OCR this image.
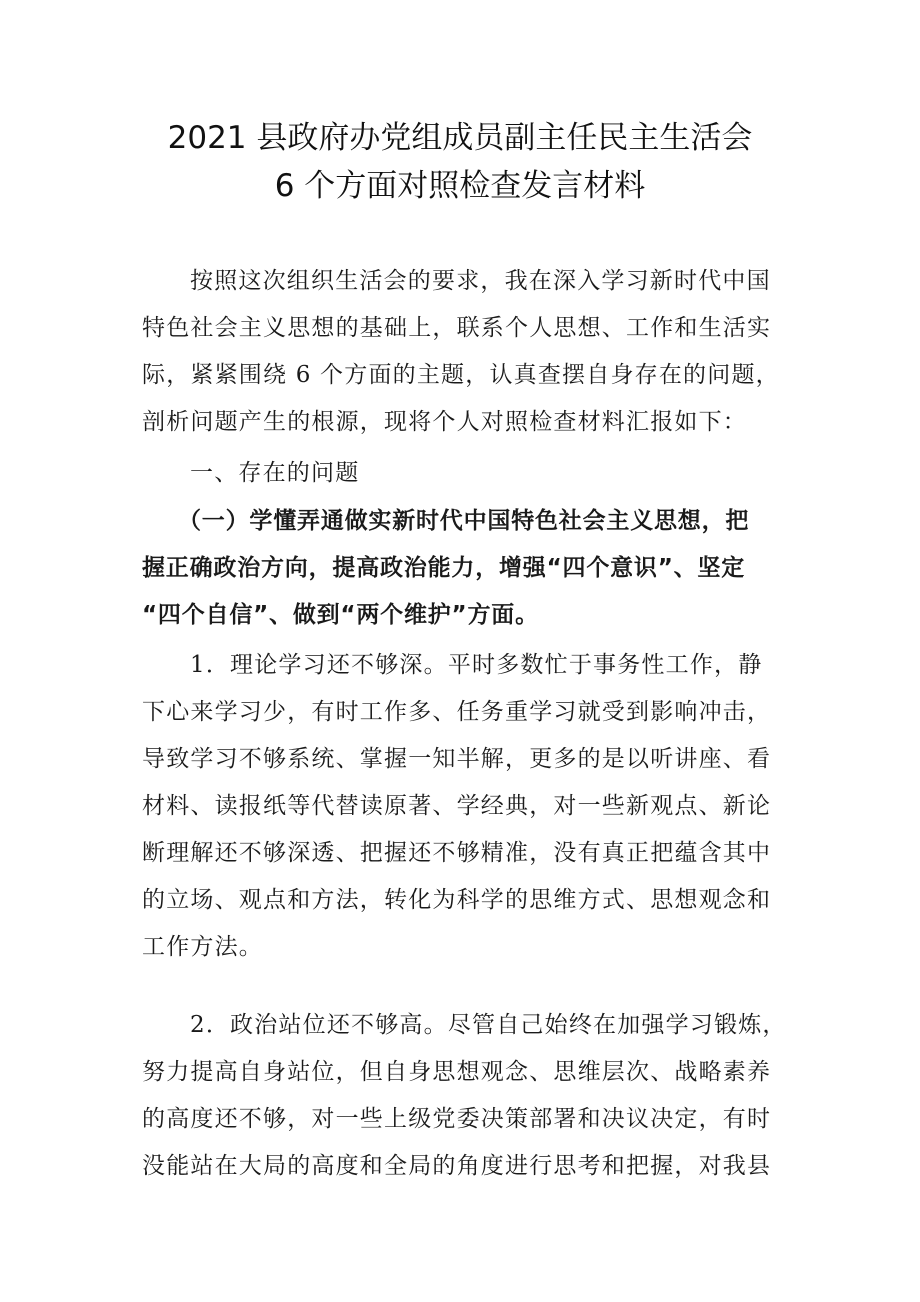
2021 县政府办党组成员副主任民主生活会
6 个方面对照检查发言材料
按照这次组织生活会的要求，我在深入学习新时代中国
特色社会主义思想的基础上，联系个人思想、工作和生活实
际，紧紧围绕 6 个方面的主题，认真查摆自身存在的问题，
剖析问题产生的根源，现将个人对照检查材料汇报如下：
一、存在的问题
（一）学懂弄通做实新时代中国特色社会主义思想，把
握正确政治方向，提高政治能力，增强“四个意识”、坚定
“四个自信”、做到“两个维护”方面。
1．理论学习还不够深。平时多数忙于事务性工作，静
下心来学习少，有时工作多、任务重学习就受到影响冲击，
导致学习不够系统、掌握一知半解，更多的是以听讲座、看
材料、读报纸等代替读原著、学经典，对一些新观点、新论
断理解还不够深透、把握还不够精准，没有真正把蕴含其中
的立场、观点和方法，转化为科学的思维方式、思想观念和
工作方法。
2．政治站位还不够高。尽管自己始终在加强学习锻炼，
努力提高自身站位，但自身思想观念、思维层次、战略素养
的高度还不够，对一些上级党委决策部署和决议决定，有时
没能站在大局的高度和全局的角度进行思考和把握，对我县
